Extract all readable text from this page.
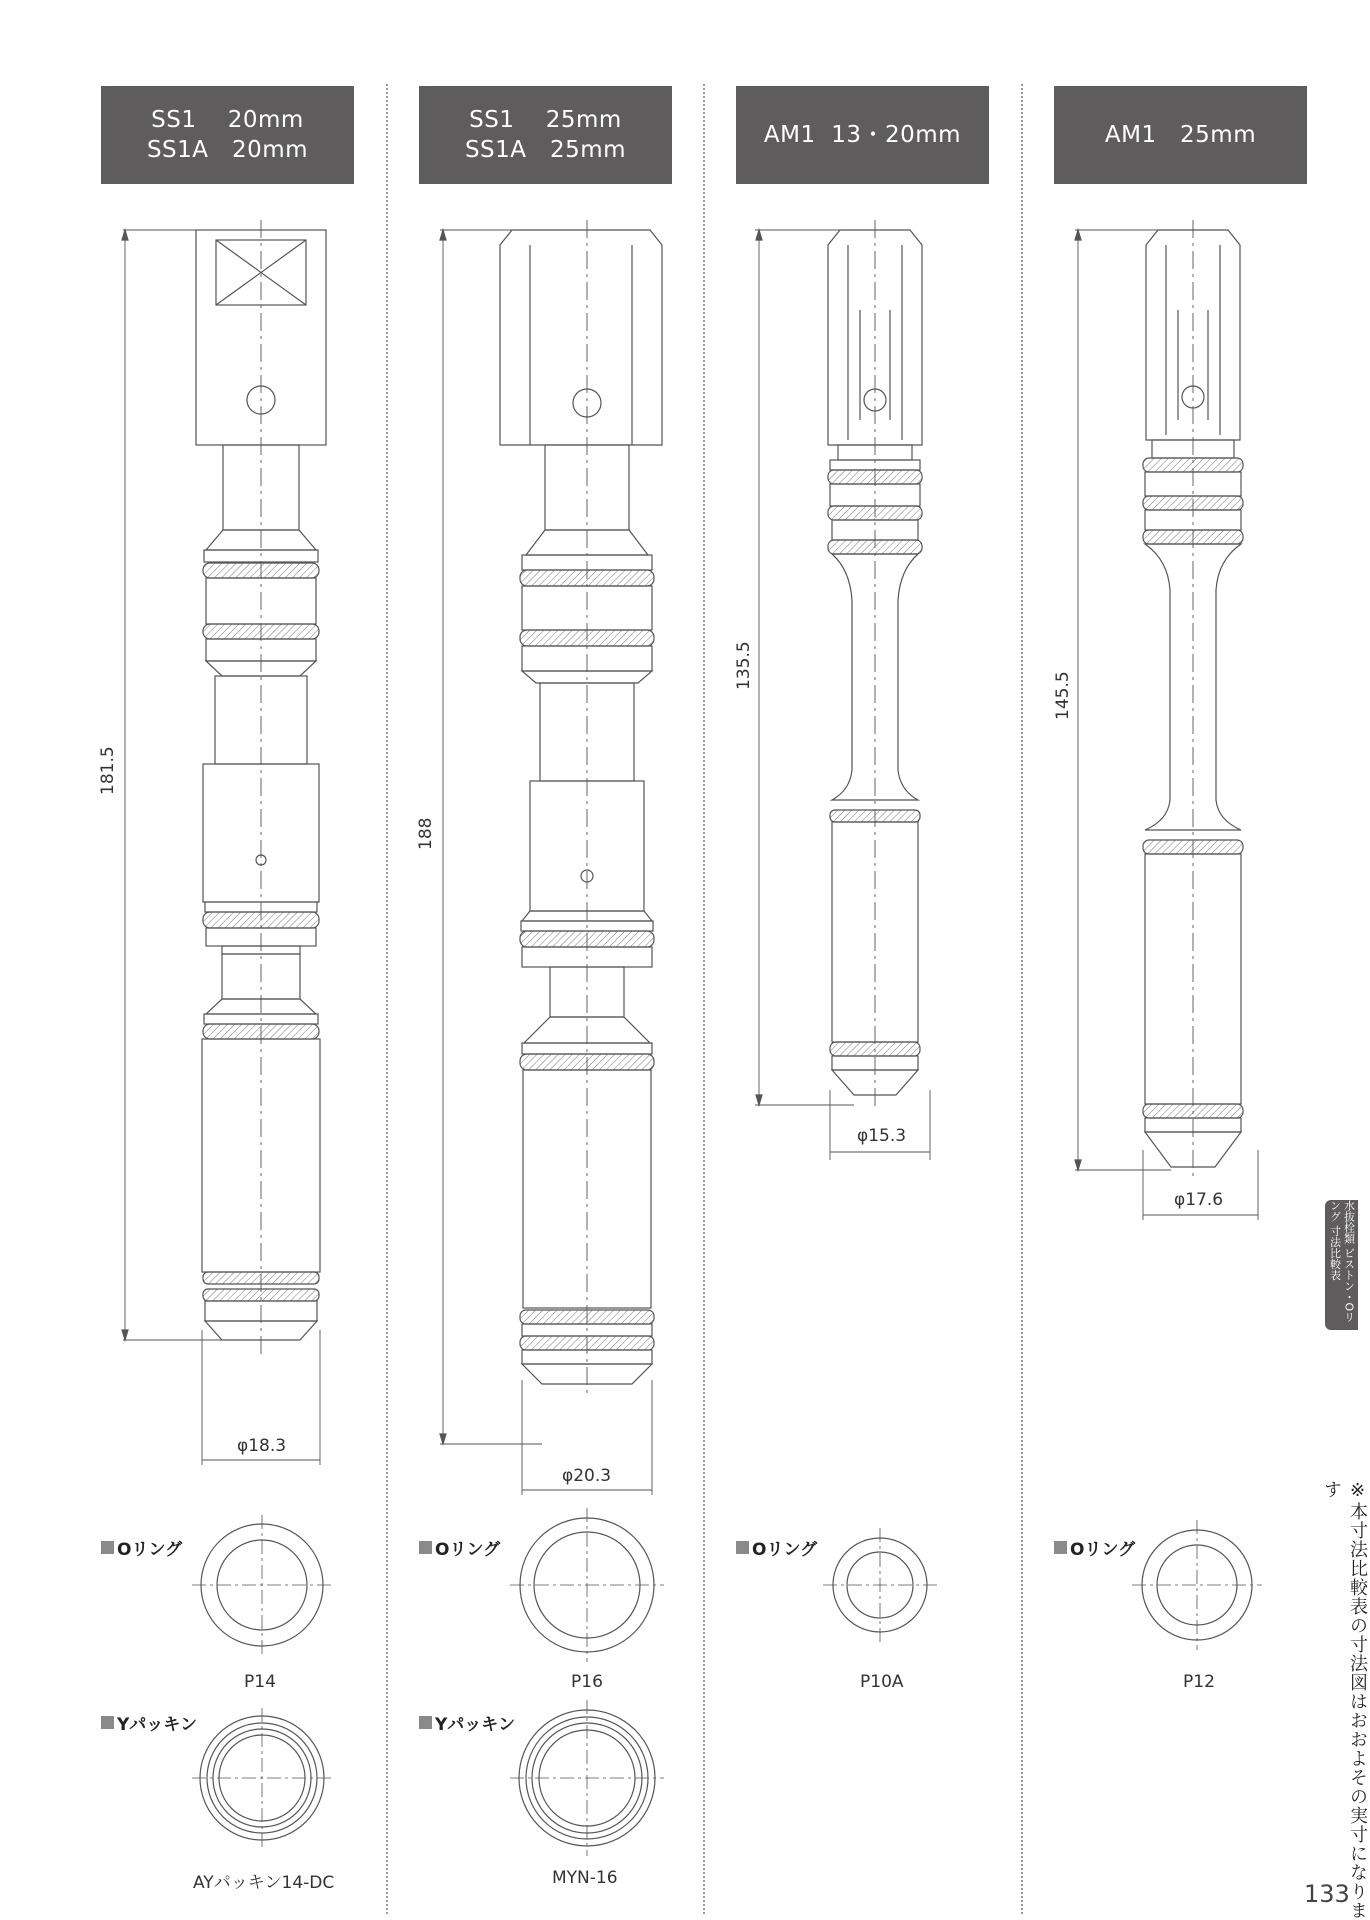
SS1    20mm
SS1A   20mm
SS1    25mm
SS1A   25mm
AM1  13・20mm	AM1   25mm
181.5
φ18.3
188
φ20.3
135.5
φ15.3
145.5
φ17.6
Oリング
Yパッキン
Oリング
Yパッキン
Oリング	Oリング
P14
AYパッキン14-DC
P16
MYN-16
P10A	P12
水抜栓類 ピストン・Oリング 寸法比較表
※本寸法比較表の寸法図はおおよその実寸になります
133
